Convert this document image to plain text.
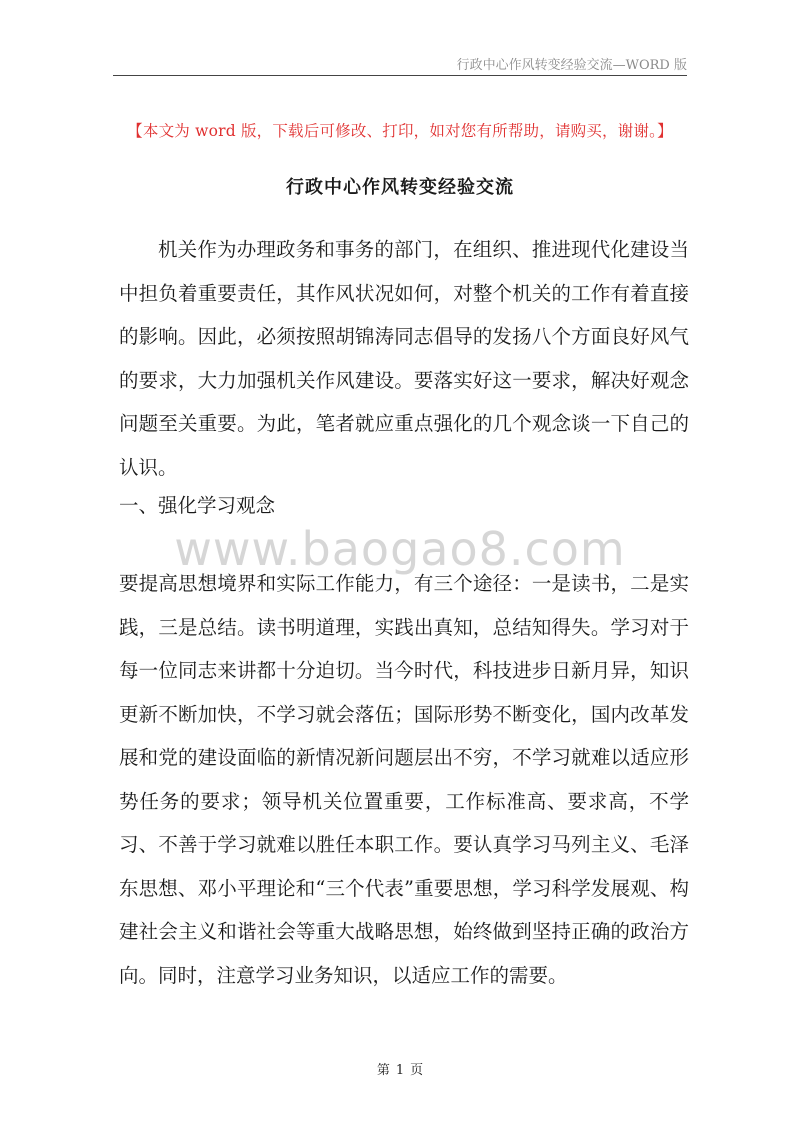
行政中心作风转变经验交流—WORD 版
【本文为 word 版，下载后可修改、打印，如对您有所帮助，请购买，谢谢。】
行政中心作风转变经验交流

机关作为办理政务和事务的部门，在组织、推进现代化建设当中担负着重要责任，其作风状况如何，对整个机关的工作有着直接的影响。因此，必须按照胡锦涛同志倡导的发扬八个方面良好风气的要求，大力加强机关作风建设。要落实好这一要求，解决好观念问题至关重要。为此，笔者就应重点强化的几个观念谈一下自己的认识。

一、强化学习观念
www.baogao8.com

要提高思想境界和实际工作能力，有三个途径：一是读书，二是实践，三是总结。读书明道理，实践出真知，总结知得失。学习对于每一位同志来讲都十分迫切。当今时代，科技进步日新月异，知识更新不断加快，不学习就会落伍；国际形势不断变化，国内改革发展和党的建设面临的新情况新问题层出不穷，不学习就难以适应形势任务的要求；领导机关位置重要，工作标准高、要求高，不学习、不善于学习就难以胜任本职工作。要认真学习马列主义、毛泽东思想、邓小平理论和“三个代表”重要思想，学习科学发展观、构建社会主义和谐社会等重大战略思想，始终做到坚持正确的政治方向。同时，注意学习业务知识，以适应工作的需要。

第 1 页
